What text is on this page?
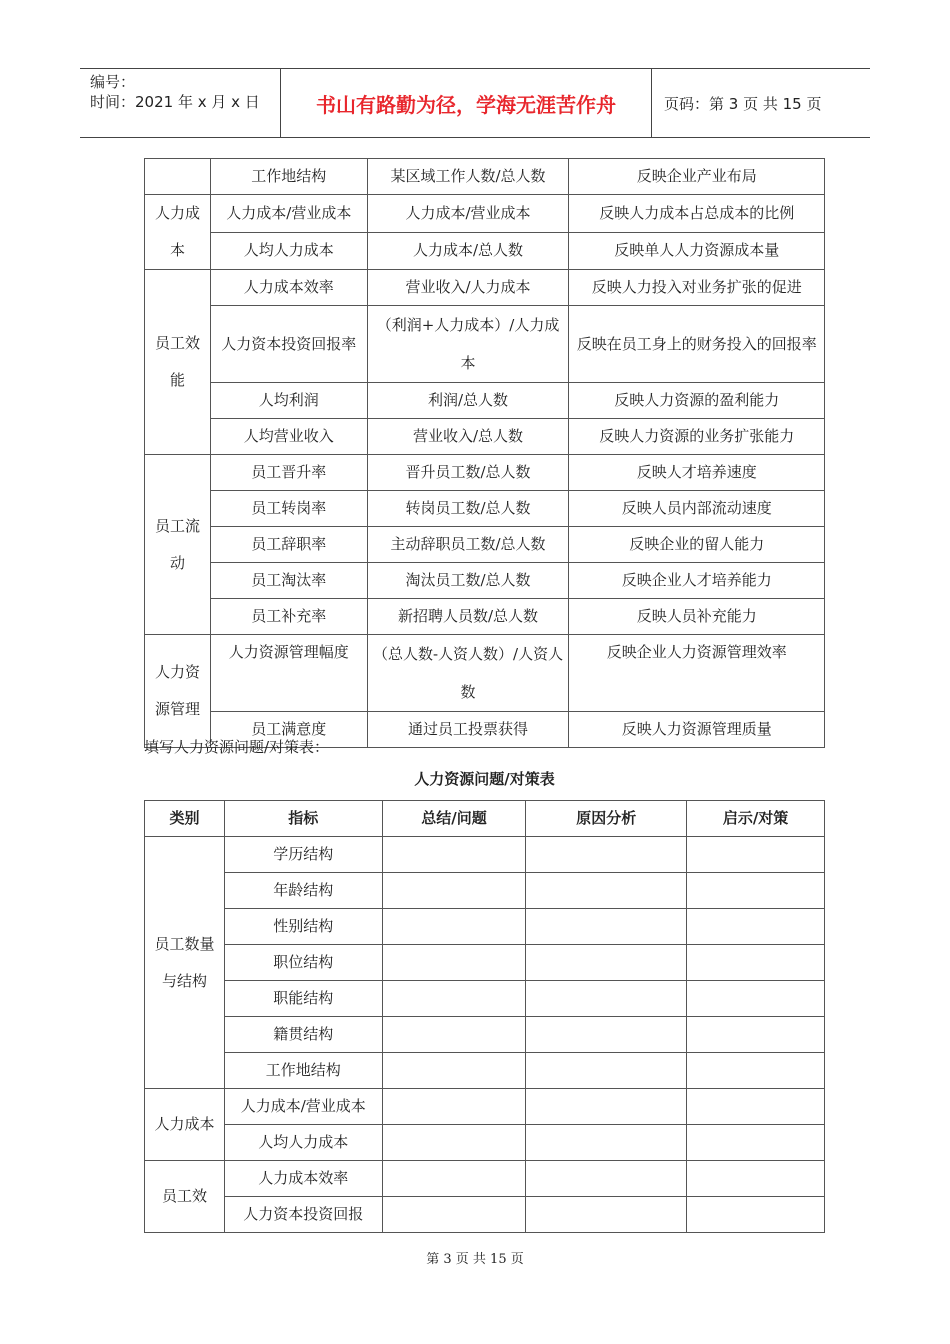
编号：
时间：2021 年 x 月 x 日	书山有路勤为径，学海无涯苦作舟	页码：第 3 页 共 15 页
	工作地结构	某区域工作人数/总人数	反映企业产业布局
人力成本	人力成本/营业成本	人力成本/营业成本	反映人力成本占总成本的比例
	人均人力成本	人力成本/总人数	反映单人人力资源成本量
员工效能	人力成本效率	营业收入/人力成本	反映人力投入对业务扩张的促进
	人力资本投资回报率	（利润+人力成本）/人力成本	反映在员工身上的财务投入的回报率
	人均利润	利润/总人数	反映人力资源的盈利能力
	人均营业收入	营业收入/总人数	反映人力资源的业务扩张能力
员工流动	员工晋升率	晋升员工数/总人数	反映人才培养速度
	员工转岗率	转岗员工数/总人数	反映人员内部流动速度
	员工辞职率	主动辞职员工数/总人数	反映企业的留人能力
	员工淘汰率	淘汰员工数/总人数	反映企业人才培养能力
	员工补充率	新招聘人员数/总人数	反映人员补充能力
人力资源管理	人力资源管理幅度	（总人数-人资人数）/人资人数	反映企业人力资源管理效率
	员工满意度	通过员工投票获得	反映人力资源管理质量
填写人力资源问题/对策表：
人力资源问题/对策表
类别	指标	总结/问题	原因分析	启示/对策
员工数量与结构	学历结构			
	年龄结构			
	性别结构			
	职位结构			
	职能结构			
	籍贯结构			
	工作地结构			
人力成本	人力成本/营业成本			
	人均人力成本			
员工效	人力成本效率			
	人力资本投资回报			
第 3 页 共 15 页
